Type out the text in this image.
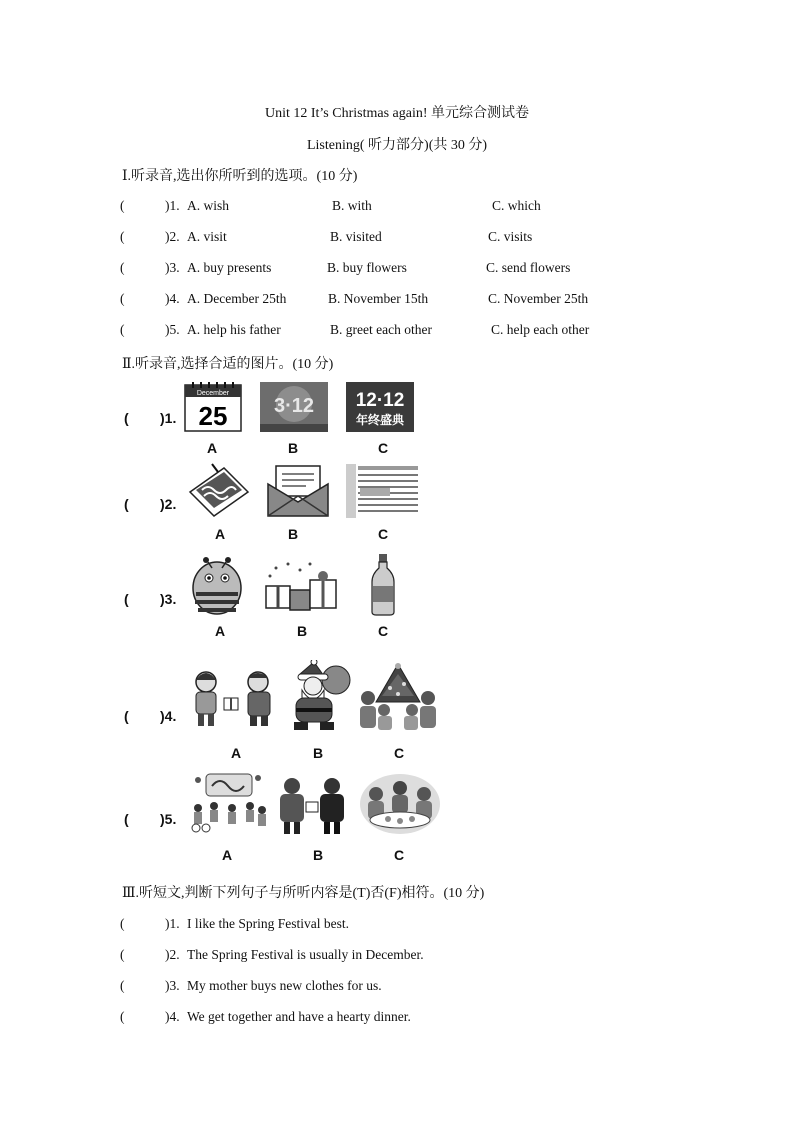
Unit 12 It’s Christmas again! 单元综合测试卷
Listening( 听力部分)(共 30 分)
Ⅰ.听录音,选出你所听到的选项。(10 分)
(	)1. A. wish	B. with	C. which
(	)2. A. visit	B. visited	C. visits
(	)3. A. buy presents	B. buy flowers	C. send flowers
(	)4. A. December 25th	B. November 15th	C. November 25th
(	)5. A. help his father	B. greet each other	C. help each other
Ⅱ.听录音,选择合适的图片。(10 分)
( )1.
December
25 3·12 12·12
年终盛典
A	B	C
( )2.
A	B	C
( )3.
A	B	C
( )4.
A	B	C
( )5.
A	B	C
Ⅲ.听短文,判断下列句子与所听内容是(T)否(F)相符。(10 分)
(	)1. I like the Spring Festival best.
(	)2. The Spring Festival is usually in December.
(	)3. My mother buys new clothes for us.
(	)4. We get together and have a hearty dinner.
